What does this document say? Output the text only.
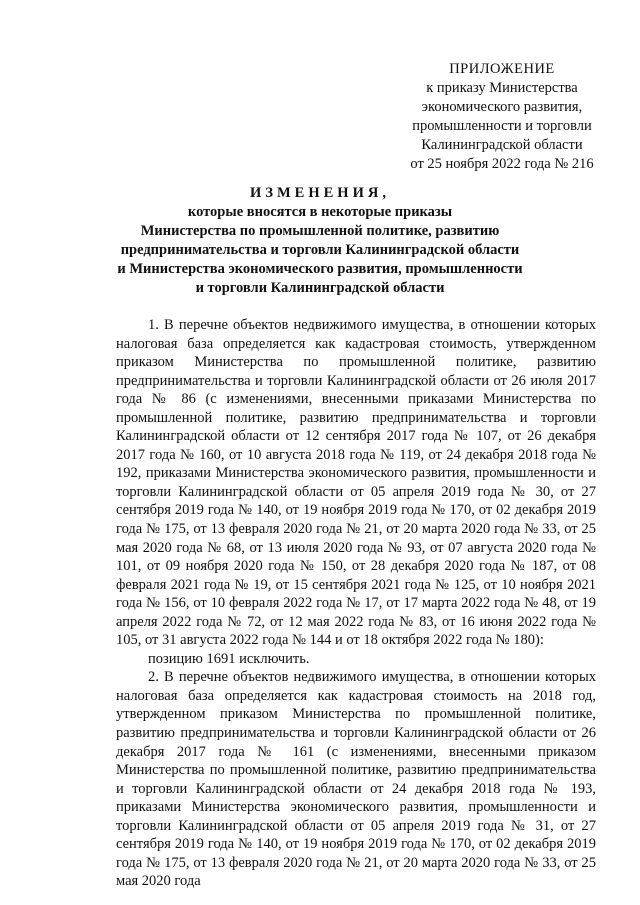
ПРИЛОЖЕНИЕ
к приказу Министерства
экономического развития,
промышленности и торговли
Калининградской области
от 25 ноября 2022 года № 216
ИЗМЕНЕНИЯ,
которые вносятся в некоторые приказы
Министерства по промышленной политике, развитию
предпринимательства и торговли Калининградской области
и Министерства экономического развития, промышленности
и торговли Калининградской области

1. В перечне объектов недвижимого имущества, в отношении которых налоговая база определяется как кадастровая стоимость, утвержденном приказом Министерства по промышленной политике, развитию предпринимательства и торговли Калининградской области от 26 июля 2017 года № 86 (с изменениями, внесенными приказами Министерства по промышленной политике, развитию предпринимательства и торговли Калининградской области от 12 сентября 2017 года № 107, от 26 декабря 2017 года № 160, от 10 августа 2018 года № 119, от 24 декабря 2018 года № 192, приказами Министерства экономического развития, промышленности и торговли Калининградской области от 05 апреля 2019 года № 30, от 27 сентября 2019 года № 140, от 19 ноября 2019 года № 170, от 02 декабря 2019 года № 175, от 13 февраля 2020 года № 21, от 20 марта 2020 года № 33, от 25 мая 2020 года № 68, от 13 июля 2020 года № 93, от 07 августа 2020 года № 101, от 09 ноября 2020 года № 150, от 28 декабря 2020 года № 187, от 08 февраля 2021 года № 19, от 15 сентября 2021 года № 125, от 10 ноября 2021 года № 156, от 10 февраля 2022 года № 17, от 17 марта 2022 года № 48, от 19 апреля 2022 года № 72, от 12 мая 2022 года № 83, от 16 июня 2022 года № 105, от 31 августа 2022 года № 144 и от 18 октября 2022 года № 180):

позицию 1691 исключить.

2. В перечне объектов недвижимого имущества, в отношении которых налоговая база определяется как кадастровая стоимость на 2018 год, утвержденном приказом Министерства по промышленной политике, развитию предпринимательства и торговли Калининградской области от 26 декабря 2017 года № 161 (с изменениями, внесенными приказом Министерства по промышленной политике, развитию предпринимательства и торговли Калининградской области от 24 декабря 2018 года № 193, приказами Министерства экономического развития, промышленности и торговли Калининградской области от 05 апреля 2019 года № 31, от 27 сентября 2019 года № 140, от 19 ноября 2019 года № 170, от 02 декабря 2019 года № 175, от 13 февраля 2020 года № 21, от 20 марта 2020 года № 33, от 25 мая 2020 года
